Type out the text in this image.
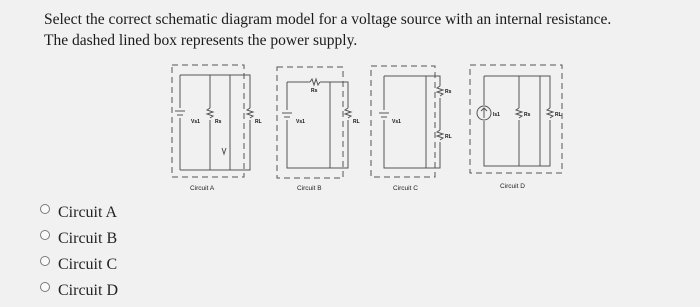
Select the correct schematic diagram model for a voltage source with an internal resistance.

The dashed lined box represents the power supply.

Vs1	Rs	RL
Rs
Vs1	RL
Rs
Vs1
RL
Is1	Rs	RL
Circuit A	Circuit B	Circuit C	Circuit D
Circuit A
Circuit B
Circuit C
Circuit D
